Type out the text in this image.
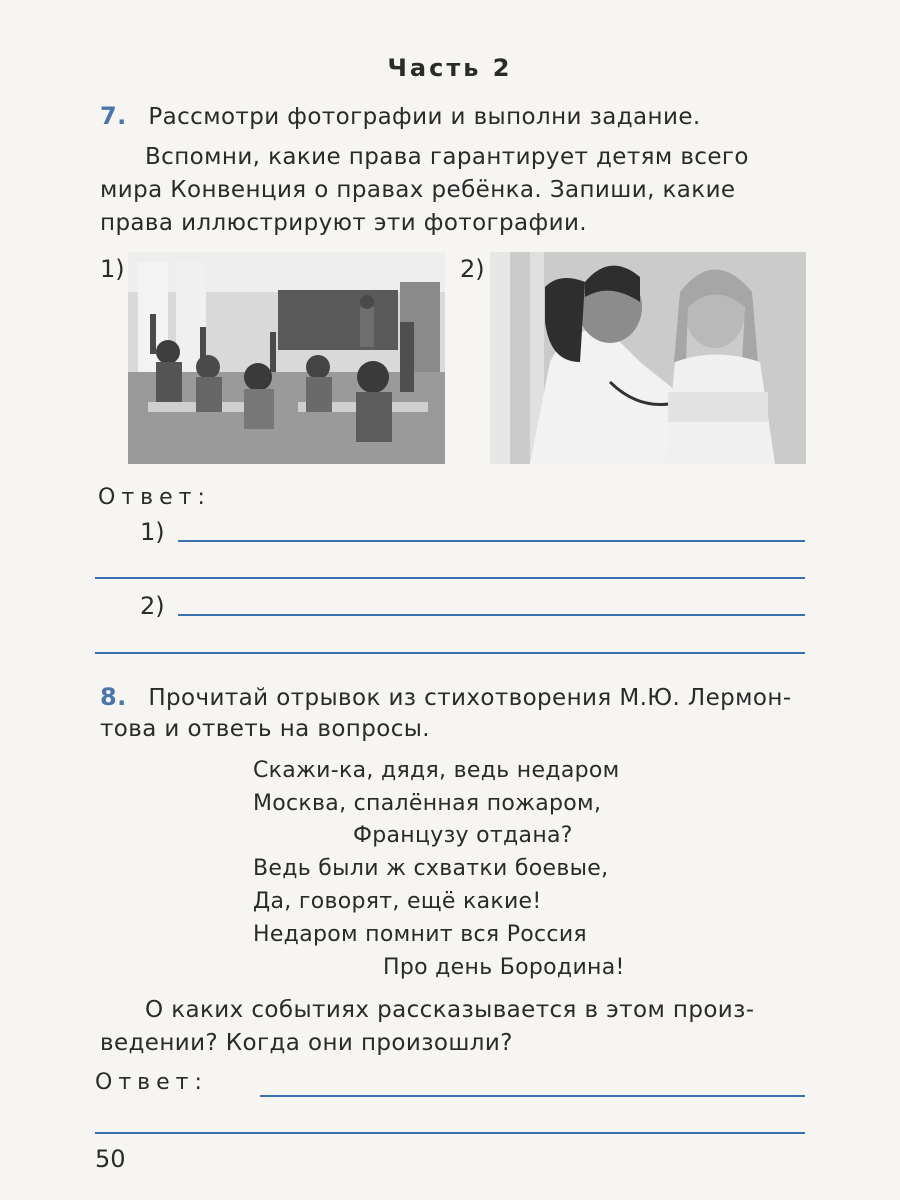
Часть 2
7. Рассмотри фотографии и выполни задание.
Вспомни, какие права гарантирует детям всего
мира Конвенция о правах ребёнка. Запиши, какие
права иллюстрируют эти фотографии.
1)	2)
Ответ:
1)
2)
8. Прочитай отрывок из стихотворения М.Ю. Лермон-
това и ответь на вопросы.
Скажи-ка, дядя, ведь недаром
Москва, спалённая пожаром,
Французу отдана?
Ведь были ж схватки боевые,
Да, говорят, ещё какие!
Недаром помнит вся Россия
Про день Бородина!
О каких событиях рассказывается в этом произ-
ведении? Когда они произошли?
Ответ:
50
